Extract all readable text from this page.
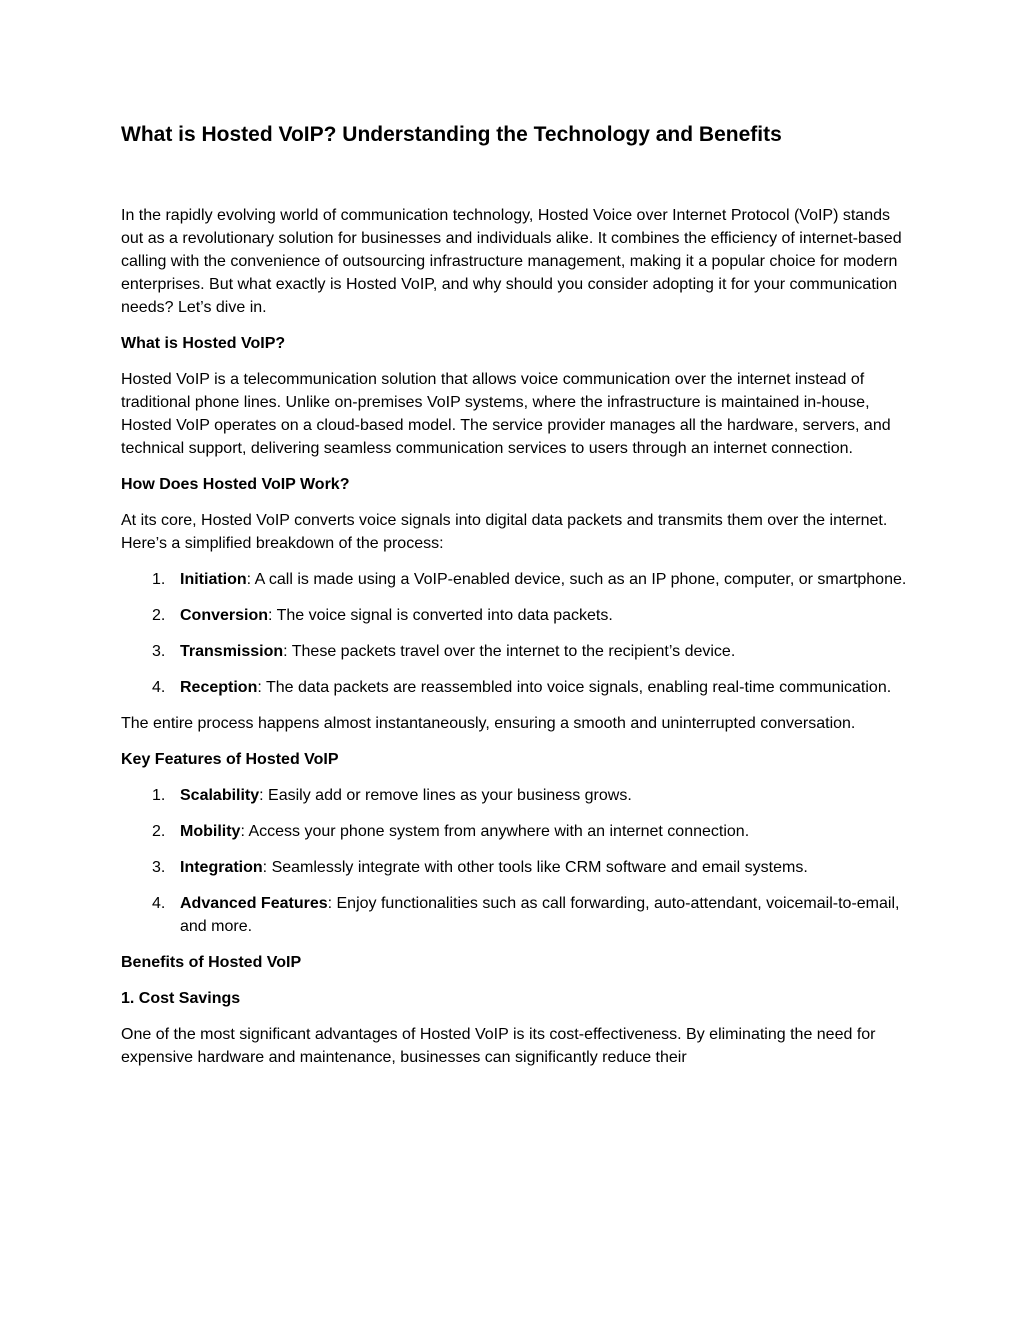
What is Hosted VoIP? Understanding the Technology and Benefits

In the rapidly evolving world of communication technology, Hosted Voice over Internet Protocol (VoIP) stands out as a revolutionary solution for businesses and individuals alike. It combines the efficiency of internet-based calling with the convenience of outsourcing infrastructure management, making it a popular choice for modern enterprises. But what exactly is Hosted VoIP, and why should you consider adopting it for your communication needs? Let’s dive in.

What is Hosted VoIP?

Hosted VoIP is a telecommunication solution that allows voice communication over the internet instead of traditional phone lines. Unlike on-premises VoIP systems, where the infrastructure is maintained in-house, Hosted VoIP operates on a cloud-based model. The service provider manages all the hardware, servers, and technical support, delivering seamless communication services to users through an internet connection.

How Does Hosted VoIP Work?

At its core, Hosted VoIP converts voice signals into digital data packets and transmits them over the internet. Here’s a simplified breakdown of the process:

1. Initiation: A call is made using a VoIP-enabled device, such as an IP phone, computer, or smartphone.
2. Conversion: The voice signal is converted into data packets.
3. Transmission: These packets travel over the internet to the recipient’s device.
4. Reception: The data packets are reassembled into voice signals, enabling real-time communication.

The entire process happens almost instantaneously, ensuring a smooth and uninterrupted conversation.

Key Features of Hosted VoIP

1. Scalability: Easily add or remove lines as your business grows.
2. Mobility: Access your phone system from anywhere with an internet connection.
3. Integration: Seamlessly integrate with other tools like CRM software and email systems.
4. Advanced Features: Enjoy functionalities such as call forwarding, auto-attendant, voicemail-to-email, and more.

Benefits of Hosted VoIP

1. Cost Savings

One of the most significant advantages of Hosted VoIP is its cost-effectiveness. By eliminating the need for expensive hardware and maintenance, businesses can significantly reduce their
